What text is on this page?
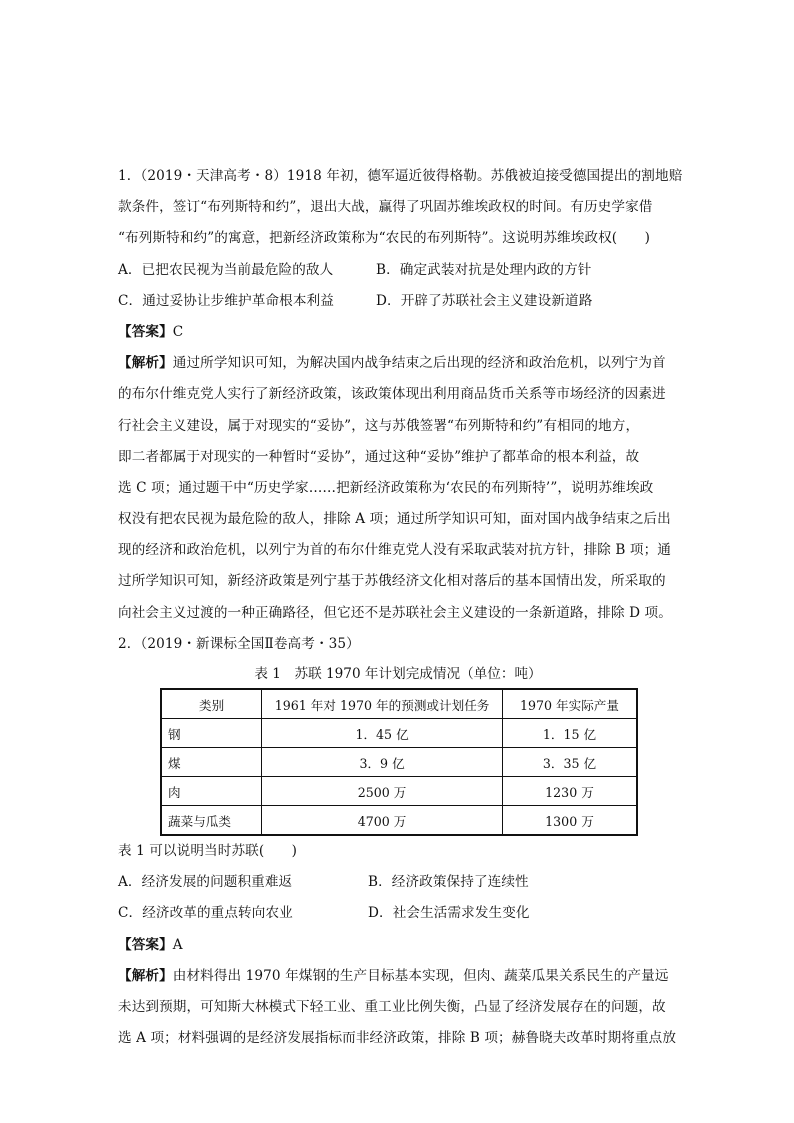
1．（2019・天津高考・8）1918 年初，德军逼近彼得格勒。苏俄被迫接受德国提出的割地赔
款条件，签订“布列斯特和约”，退出大战，赢得了巩固苏维埃政权的时间。有历史学家借
“布列斯特和约”的寓意，把新经济政策称为“农民的布列斯特”。这说明苏维埃政权(　　)
A．已把农民视为当前最危险的敌人	B．确定武装对抗是处理内政的方针
C．通过妥协让步维护革命根本利益	D．开辟了苏联社会主义建设新道路
【答案】C
【解析】通过所学知识可知，为解决国内战争结束之后出现的经济和政治危机，以列宁为首
的布尔什维克党人实行了新经济政策，该政策体现出利用商品货币关系等市场经济的因素进
行社会主义建设，属于对现实的“妥协”，这与苏俄签署“布列斯特和约”有相同的地方，
即二者都属于对现实的一种暂时“妥协”，通过这种“妥协”维护了都革命的根本利益，故
选 C 项；通过题干中“历史学家……把新经济政策称为‘农民的布列斯特’”，说明苏维埃政
权没有把农民视为最危险的敌人，排除 A 项；通过所学知识可知，面对国内战争结束之后出
现的经济和政治危机，以列宁为首的布尔什维克党人没有采取武装对抗方针，排除 B 项；通
过所学知识可知，新经济政策是列宁基于苏俄经济文化相对落后的基本国情出发，所采取的
向社会主义过渡的一种正确路径，但它还不是苏联社会主义建设的一条新道路，排除 D 项。
2．（2019・新课标全国Ⅱ卷高考・35）
表 1　苏联 1970 年计划完成情况（单位：吨）
类别	1961 年对 1970 年的预测或计划任务	1970 年实际产量
钢	1．45 亿	1．15 亿
煤	3．9 亿	3．35 亿
肉	2500 万	1230 万
蔬菜与瓜类	4700 万	1300 万
表 1 可以说明当时苏联(　　)
A．经济发展的问题积重难返	B．经济政策保持了连续性
C．经济改革的重点转向农业	D．社会生活需求发生变化
【答案】A
【解析】由材料得出 1970 年煤钢的生产目标基本实现，但肉、蔬菜瓜果关系民生的产量远
未达到预期，可知斯大林模式下轻工业、重工业比例失衡，凸显了经济发展存在的问题，故
选 A 项；材料强调的是经济发展指标而非经济政策，排除 B 项；赫鲁晓夫改革时期将重点放
